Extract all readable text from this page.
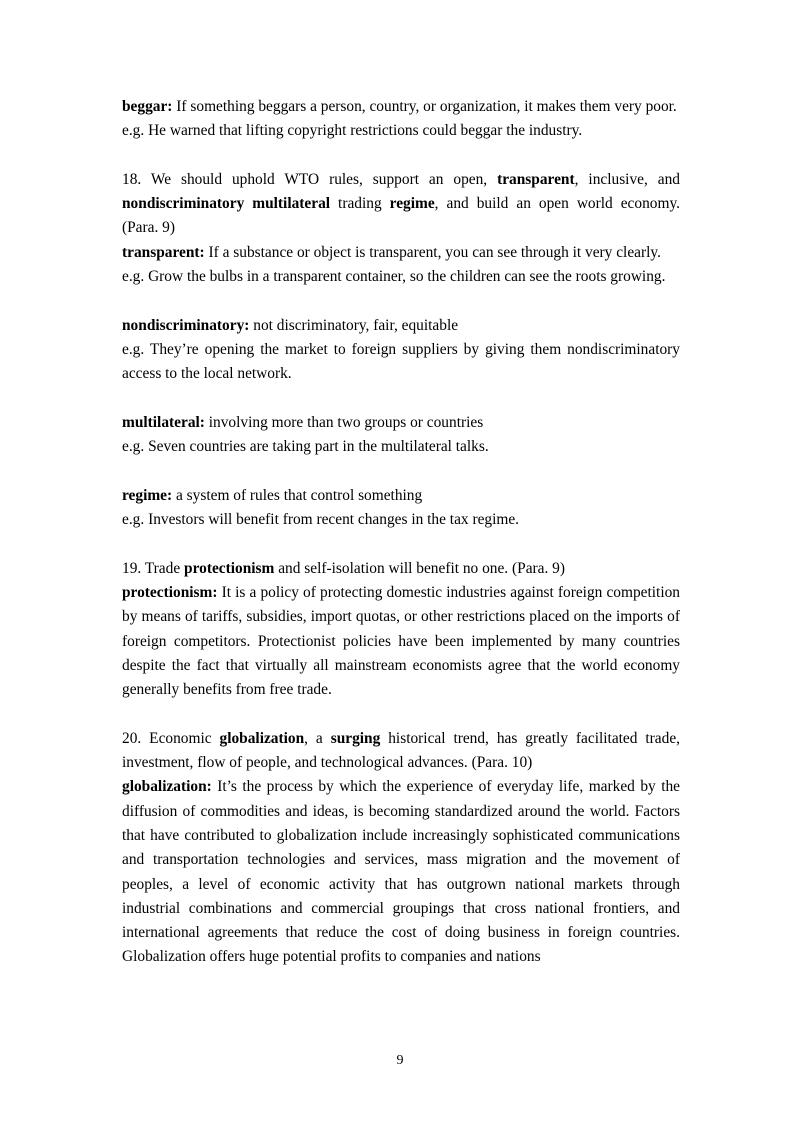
beggar: If something beggars a person, country, or organization, it makes them very poor.

e.g. He warned that lifting copyright restrictions could beggar the industry.

18. We should uphold WTO rules, support an open, transparent, inclusive, and nondiscriminatory multilateral trading regime, and build an open world economy. (Para. 9)

transparent: If a substance or object is transparent, you can see through it very clearly.

e.g. Grow the bulbs in a transparent container, so the children can see the roots growing.

nondiscriminatory: not discriminatory, fair, equitable

e.g. They’re opening the market to foreign suppliers by giving them nondiscriminatory access to the local network.

multilateral: involving more than two groups or countries

e.g. Seven countries are taking part in the multilateral talks.

regime: a system of rules that control something

e.g. Investors will benefit from recent changes in the tax regime.

19. Trade protectionism and self-isolation will benefit no one. (Para. 9)

protectionism: It is a policy of protecting domestic industries against foreign competition by means of tariffs, subsidies, import quotas, or other restrictions placed on the imports of foreign competitors. Protectionist policies have been implemented by many countries despite the fact that virtually all mainstream economists agree that the world economy generally benefits from free trade.

20. Economic globalization, a surging historical trend, has greatly facilitated trade, investment, flow of people, and technological advances. (Para. 10)

globalization: It’s the process by which the experience of everyday life, marked by the diffusion of commodities and ideas, is becoming standardized around the world. Factors that have contributed to globalization include increasingly sophisticated communications and transportation technologies and services, mass migration and the movement of peoples, a level of economic activity that has outgrown national markets through industrial combinations and commercial groupings that cross national frontiers, and international agreements that reduce the cost of doing business in foreign countries. Globalization offers huge potential profits to companies and nations

9
